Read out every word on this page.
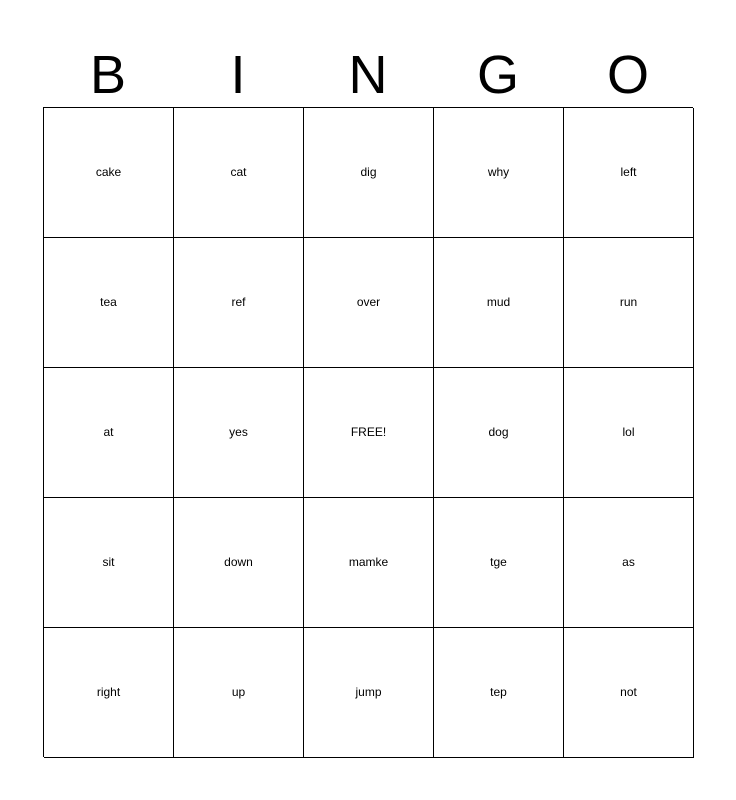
B	I	N	G	O
cake	cat	dig	why	left
tea	ref	over	mud	run
at	yes	FREE!	dog	lol
sit	down	mamke	tge	as
right	up	jump	tep	not
